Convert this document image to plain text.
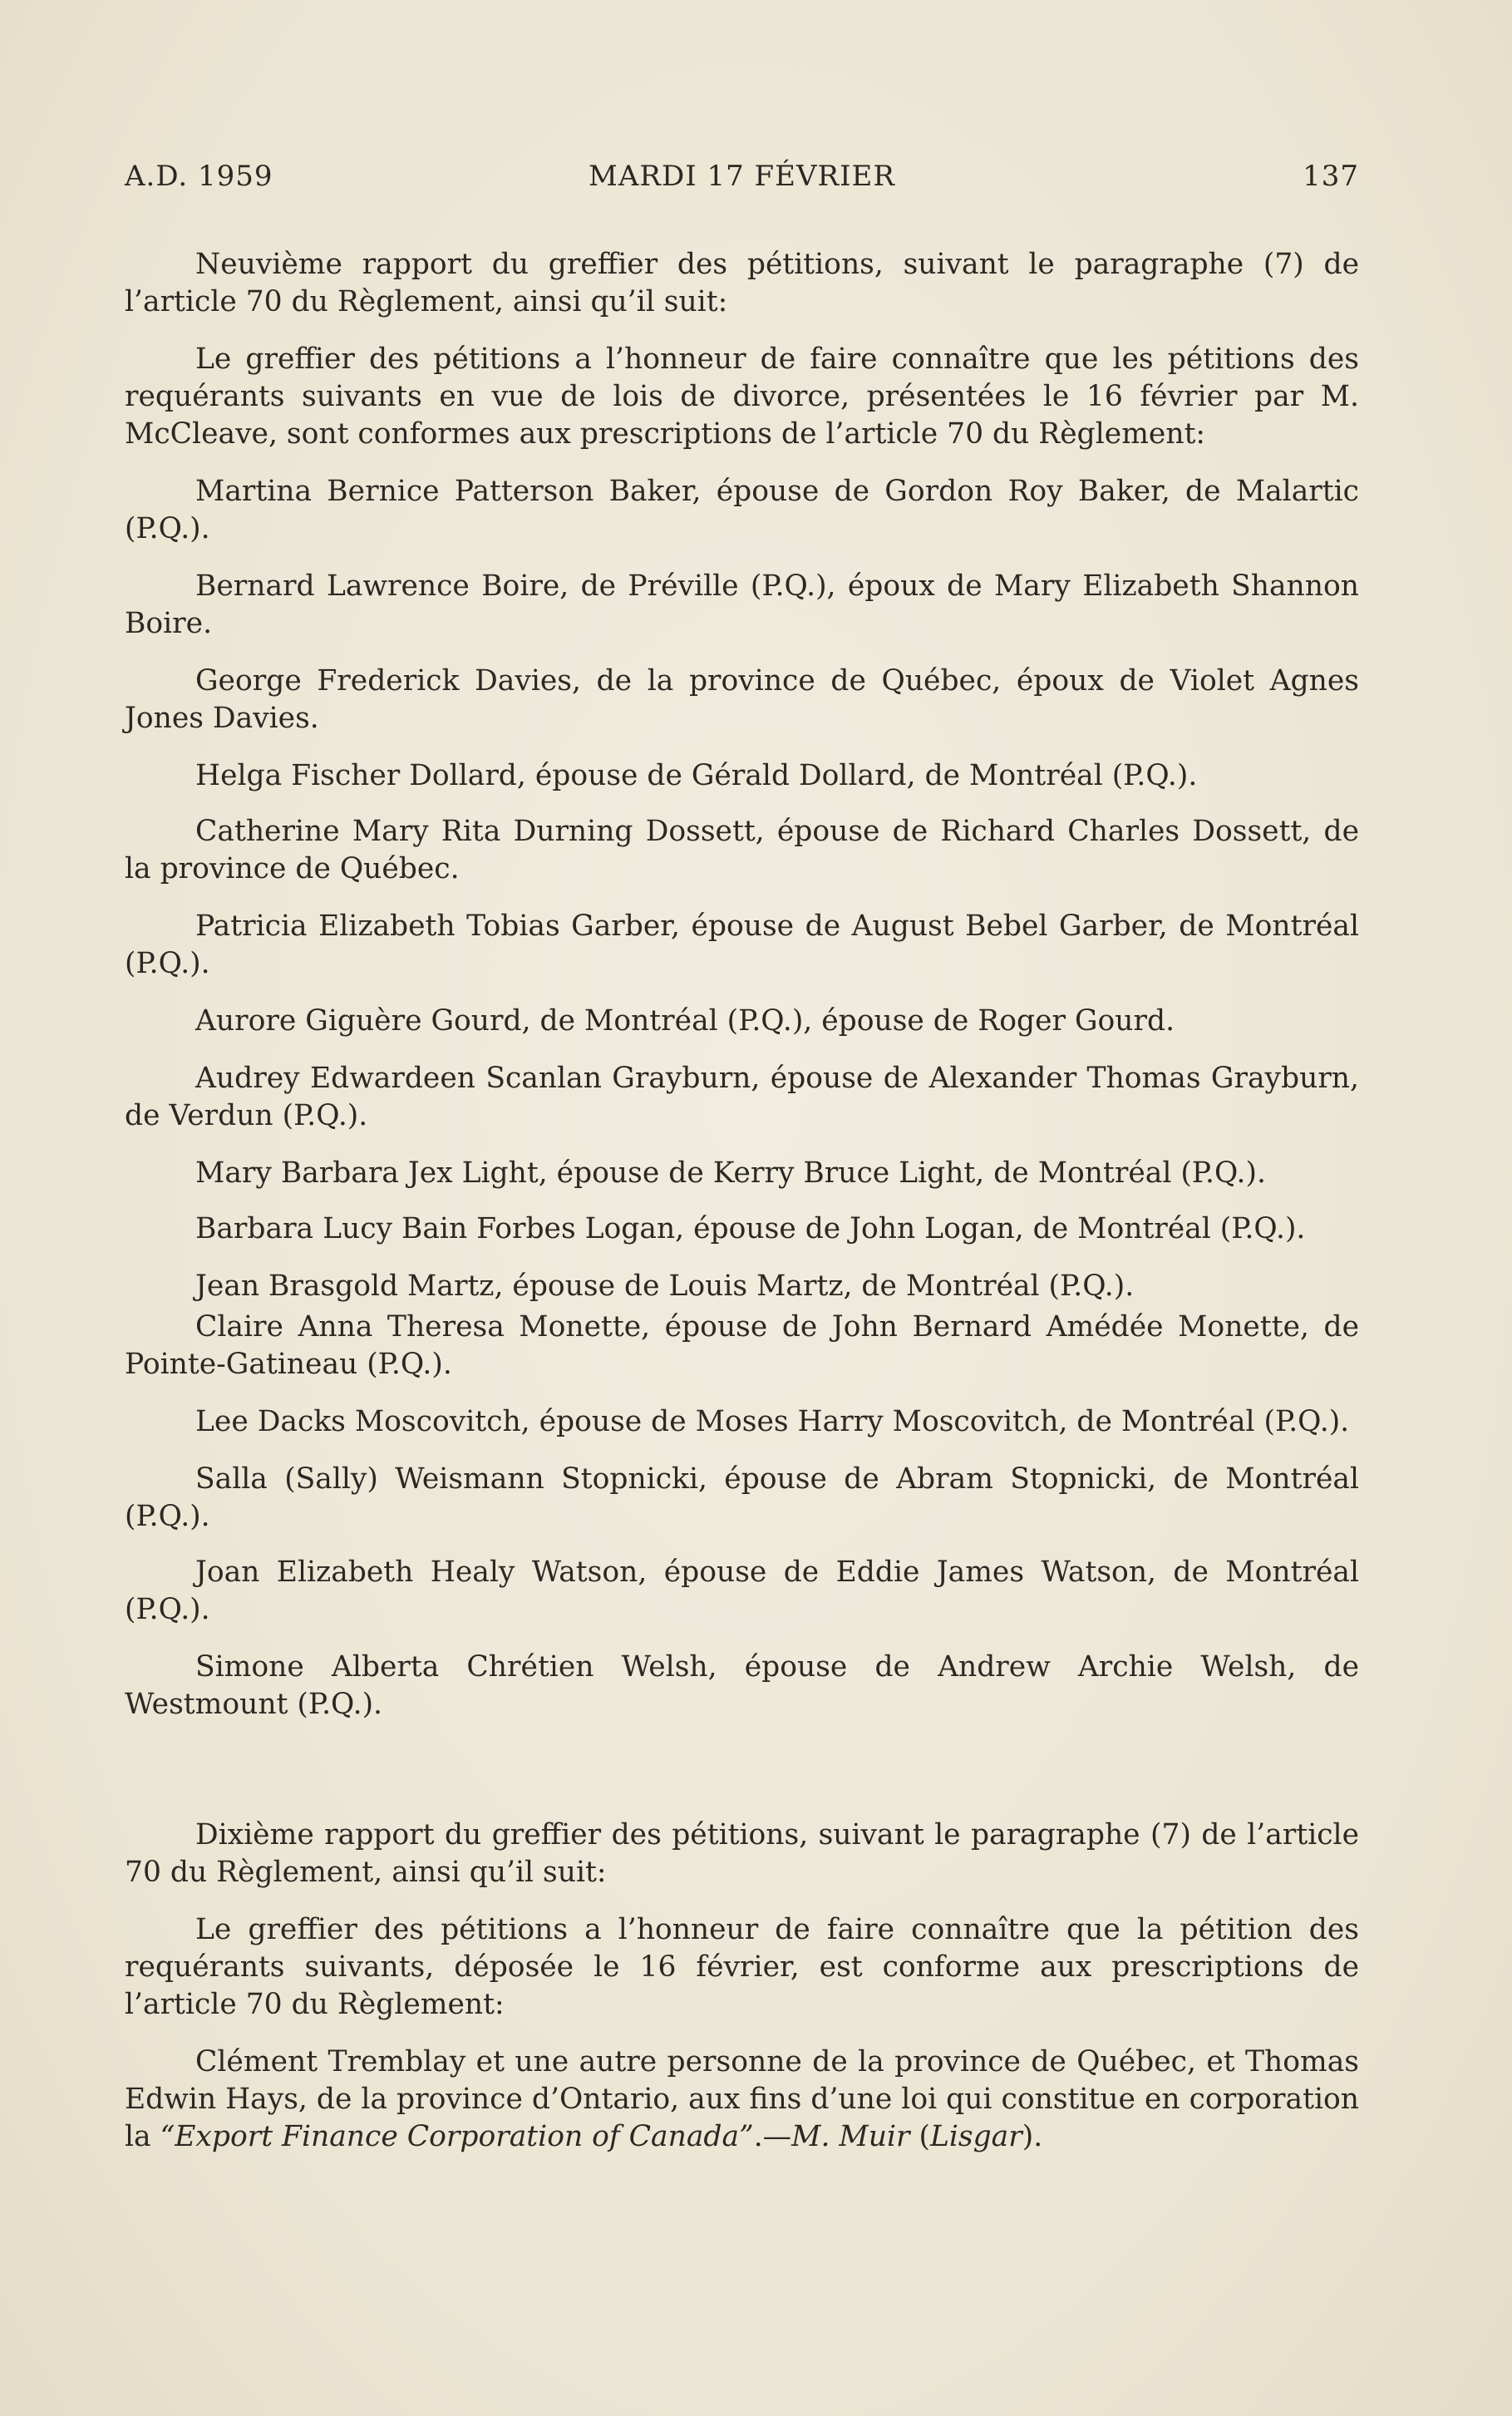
A.D. 1959	MARDI 17 FÉVRIER	137

Neuvième rapport du greffier des pétitions, suivant le paragraphe (7) de l’article 70 du Règlement, ainsi qu’il suit:

Le greffier des pétitions a l’honneur de faire connaître que les pétitions des requérants suivants en vue de lois de divorce, présentées le 16 février par M. McCleave, sont conformes aux prescriptions de l’article 70 du Règlement:

Martina Bernice Patterson Baker, épouse de Gordon Roy Baker, de Malartic (P.Q.).

Bernard Lawrence Boire, de Préville (P.Q.), époux de Mary Elizabeth Shannon Boire.

George Frederick Davies, de la province de Québec, époux de Violet Agnes Jones Davies.

Helga Fischer Dollard, épouse de Gérald Dollard, de Montréal (P.Q.).

Catherine Mary Rita Durning Dossett, épouse de Richard Charles Dossett, de la province de Québec.

Patricia Elizabeth Tobias Garber, épouse de August Bebel Garber, de Montréal (P.Q.).

Aurore Giguère Gourd, de Montréal (P.Q.), épouse de Roger Gourd.

Audrey Edwardeen Scanlan Grayburn, épouse de Alexander Thomas Grayburn, de Verdun (P.Q.).

Mary Barbara Jex Light, épouse de Kerry Bruce Light, de Montréal (P.Q.).

Barbara Lucy Bain Forbes Logan, épouse de John Logan, de Montréal (P.Q.).

Jean Brasgold Martz, épouse de Louis Martz, de Montréal (P.Q.).

Claire Anna Theresa Monette, épouse de John Bernard Amédée Monette, de Pointe-Gatineau (P.Q.).

Lee Dacks Moscovitch, épouse de Moses Harry Moscovitch, de Montréal (P.Q.).

Salla (Sally) Weismann Stopnicki, épouse de Abram Stopnicki, de Montréal (P.Q.).

Joan Elizabeth Healy Watson, épouse de Eddie James Watson, de Montréal (P.Q.).

Simone Alberta Chrétien Welsh, épouse de Andrew Archie Welsh, de Westmount (P.Q.).

Dixième rapport du greffier des pétitions, suivant le paragraphe (7) de l’article 70 du Règlement, ainsi qu’il suit:

Le greffier des pétitions a l’honneur de faire connaître que la pétition des requérants suivants, déposée le 16 février, est conforme aux prescriptions de l’article 70 du Règlement:

Clément Tremblay et une autre personne de la province de Québec, et Thomas Edwin Hays, de la province d’Ontario, aux fins d’une loi qui constitue en corporation la “Export Finance Corporation of Canada”.—M. Muir (Lisgar).
